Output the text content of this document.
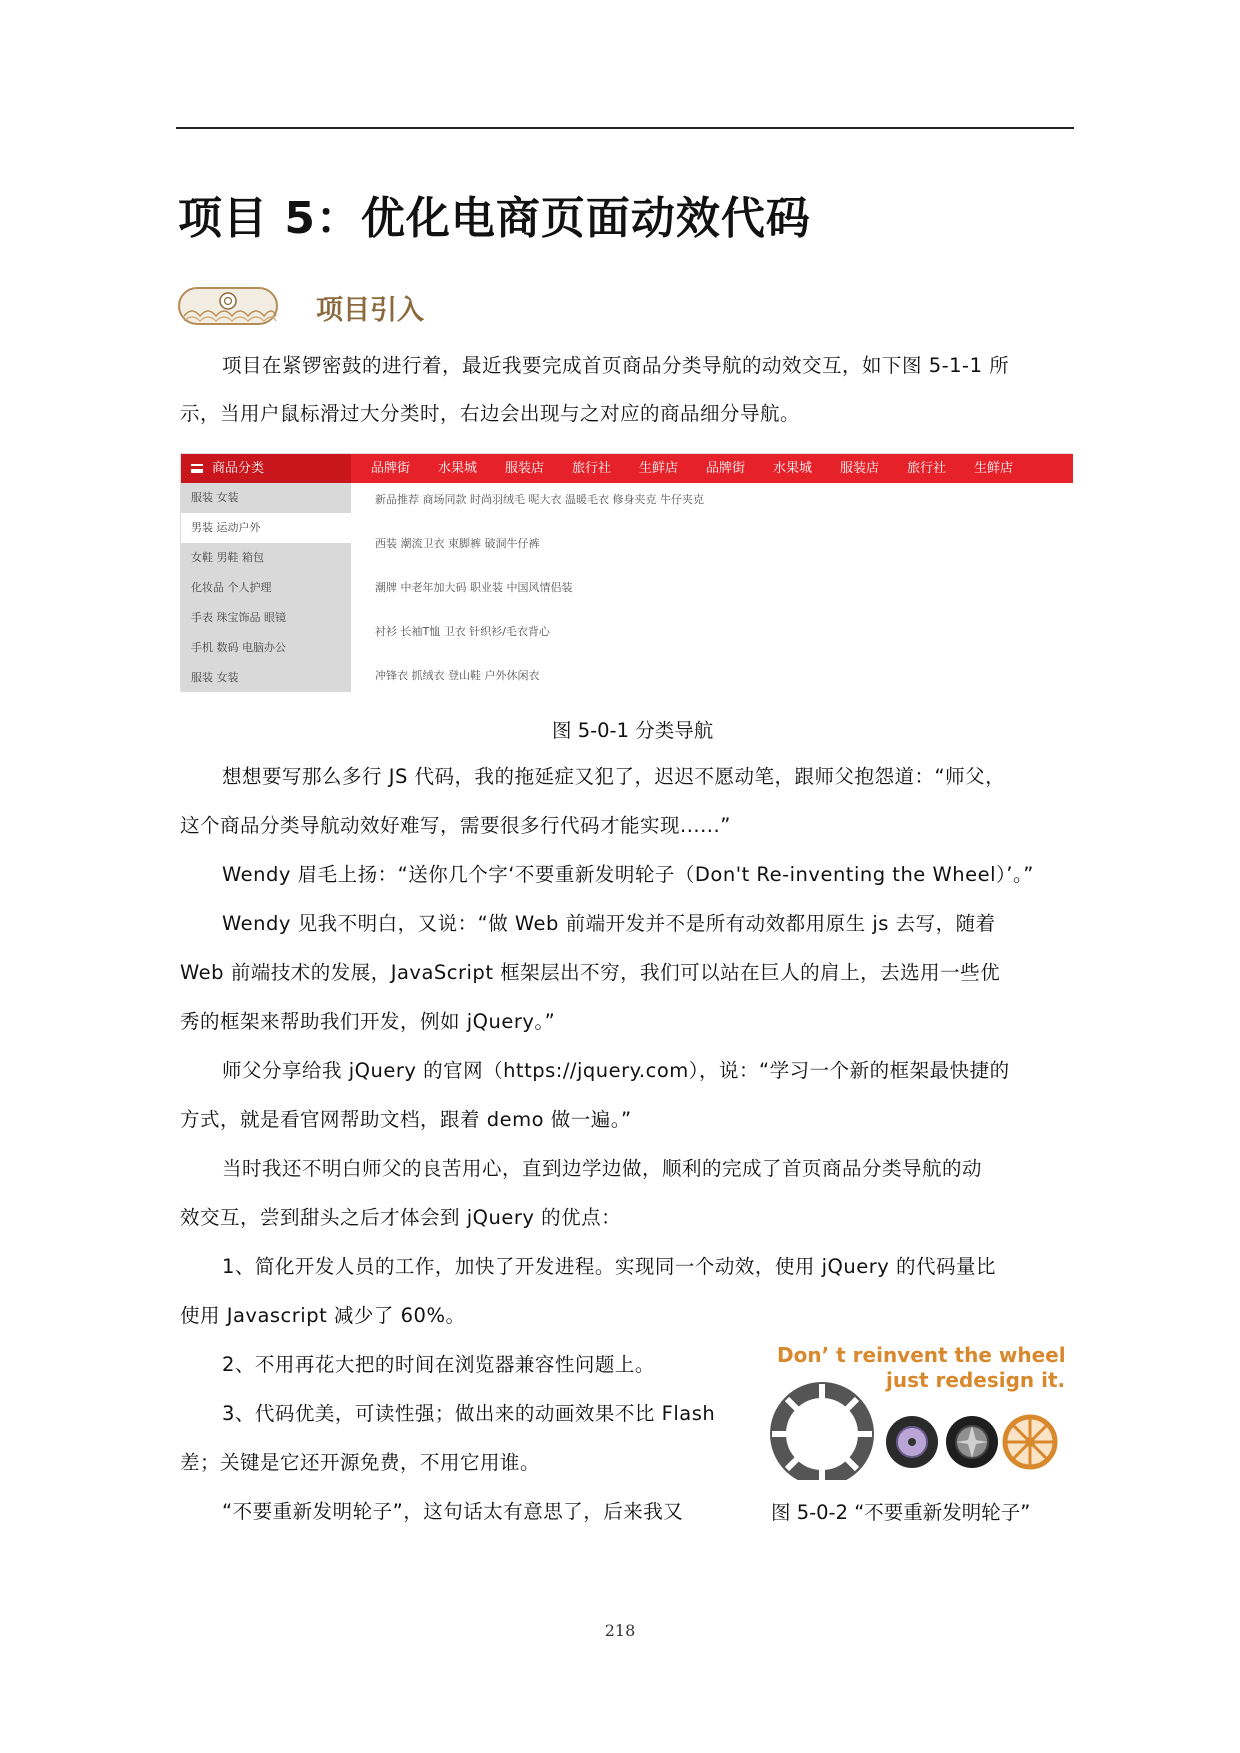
项目 5：优化电商页面动效代码
项目引入
项目在紧锣密鼓的进行着，最近我要完成首页商品分类导航的动效交互，如下图 5-1-1 所
示，当用户鼠标滑过大分类时，右边会出现与之对应的商品细分导航。
商品分类	品牌街	水果城	服装店	旅行社	生鲜店	品牌街	水果城	服装店	旅行社	生鲜店
服装 女装
男装 运动户外
女鞋 男鞋 箱包
化妆品 个人护理
手表 珠宝饰品 眼镜
手机 数码 电脑办公
服装 女装
新品推荐 商场同款 时尚羽绒毛 呢大衣 温暖毛衣 修身夹克 牛仔夹克
西装 潮流卫衣 束脚裤 破洞牛仔裤
潮牌 中老年加大码 职业装 中国风情侣装
衬衫 长袖T恤 卫衣 针织衫/毛衣背心
冲锋衣 抓绒衣 登山鞋 户外休闲衣
图 5-0-1 分类导航
想想要写那么多行 JS 代码，我的拖延症又犯了，迟迟不愿动笔，跟师父抱怨道：“师父，
这个商品分类导航动效好难写，需要很多行代码才能实现......”
Wendy 眉毛上扬：“送你几个字‘不要重新发明轮子（Don't Re-inventing the Wheel）’。”
Wendy 见我不明白，又说：“做 Web 前端开发并不是所有动效都用原生 js 去写，随着
Web 前端技术的发展，JavaScript 框架层出不穷，我们可以站在巨人的肩上，去选用一些优
秀的框架来帮助我们开发，例如 jQuery。”
师父分享给我 jQuery 的官网（https://jquery.com），说：“学习一个新的框架最快捷的
方式，就是看官网帮助文档，跟着 demo 做一遍。”
当时我还不明白师父的良苦用心，直到边学边做，顺利的完成了首页商品分类导航的动
效交互，尝到甜头之后才体会到 jQuery 的优点：
1、简化开发人员的工作，加快了开发进程。实现同一个动效，使用 jQuery 的代码量比
使用 Javascript 减少了 60%。
2、不用再花大把的时间在浏览器兼容性问题上。
3、代码优美，可读性强；做出来的动画效果不比 Flash
差；关键是它还开源免费，不用它用谁。
“不要重新发明轮子”，这句话太有意思了，后来我又
Don’ t reinvent the wheel
just redesign it.
图 5-0-2 “不要重新发明轮子”
218
